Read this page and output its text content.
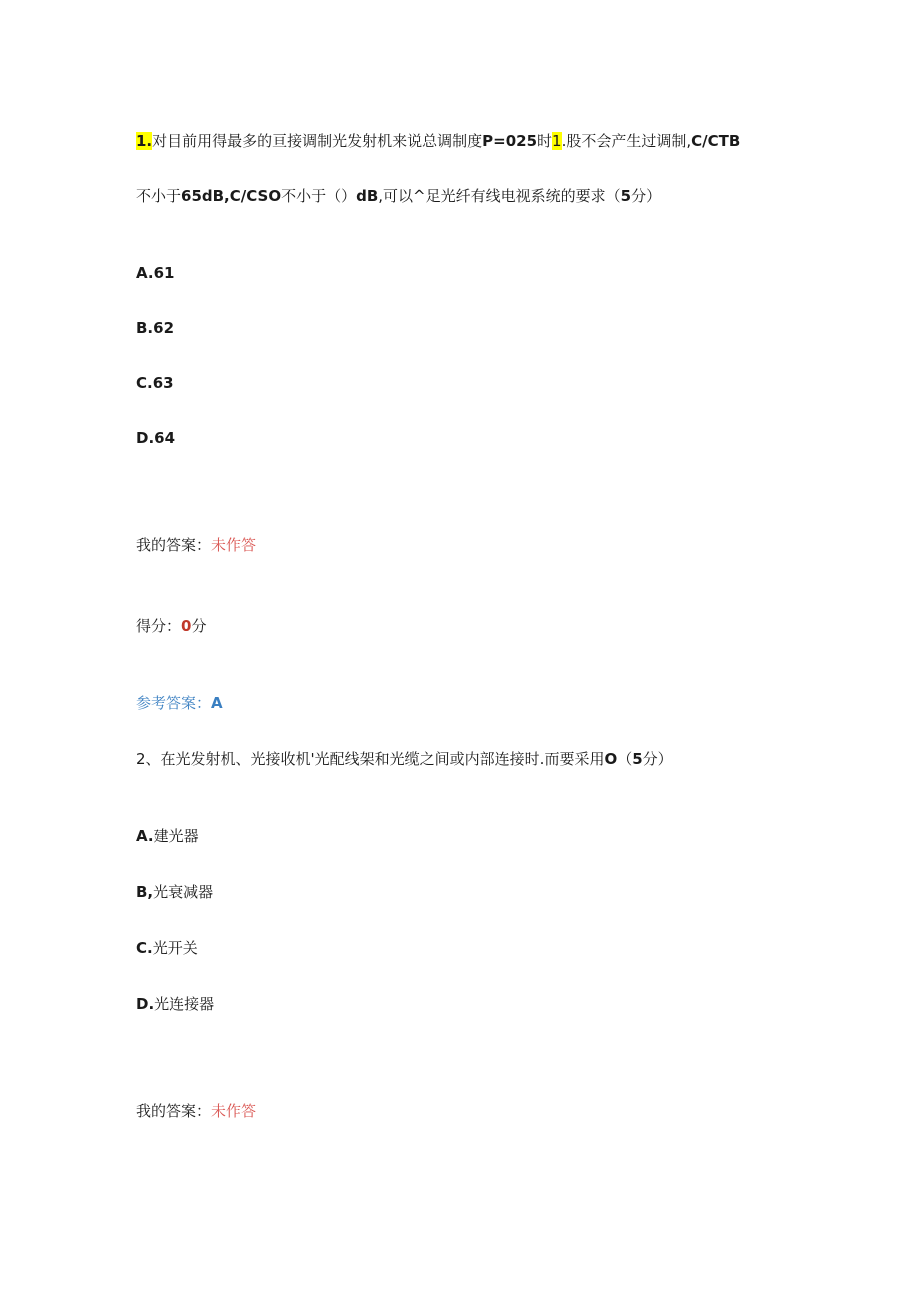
1.对目前用得最多的亘接调制光发射机来说总调制度P=025时1.股不会产生过调制,C/CTB
不小于65dB,C/CSO不小于（）dB,可以^足光纤有线电视系统的要求（5分）
A.61
B.62
C.63
D.64
我的答案：未作答
得分：0分
参考答案：A
2、在光发射机、光接收机'光配线架和光缆之间或内部连接时.而要采用O（5分）
A.建光器
B,光衰减器
C.光开关
D.光连接器
我的答案：未作答
